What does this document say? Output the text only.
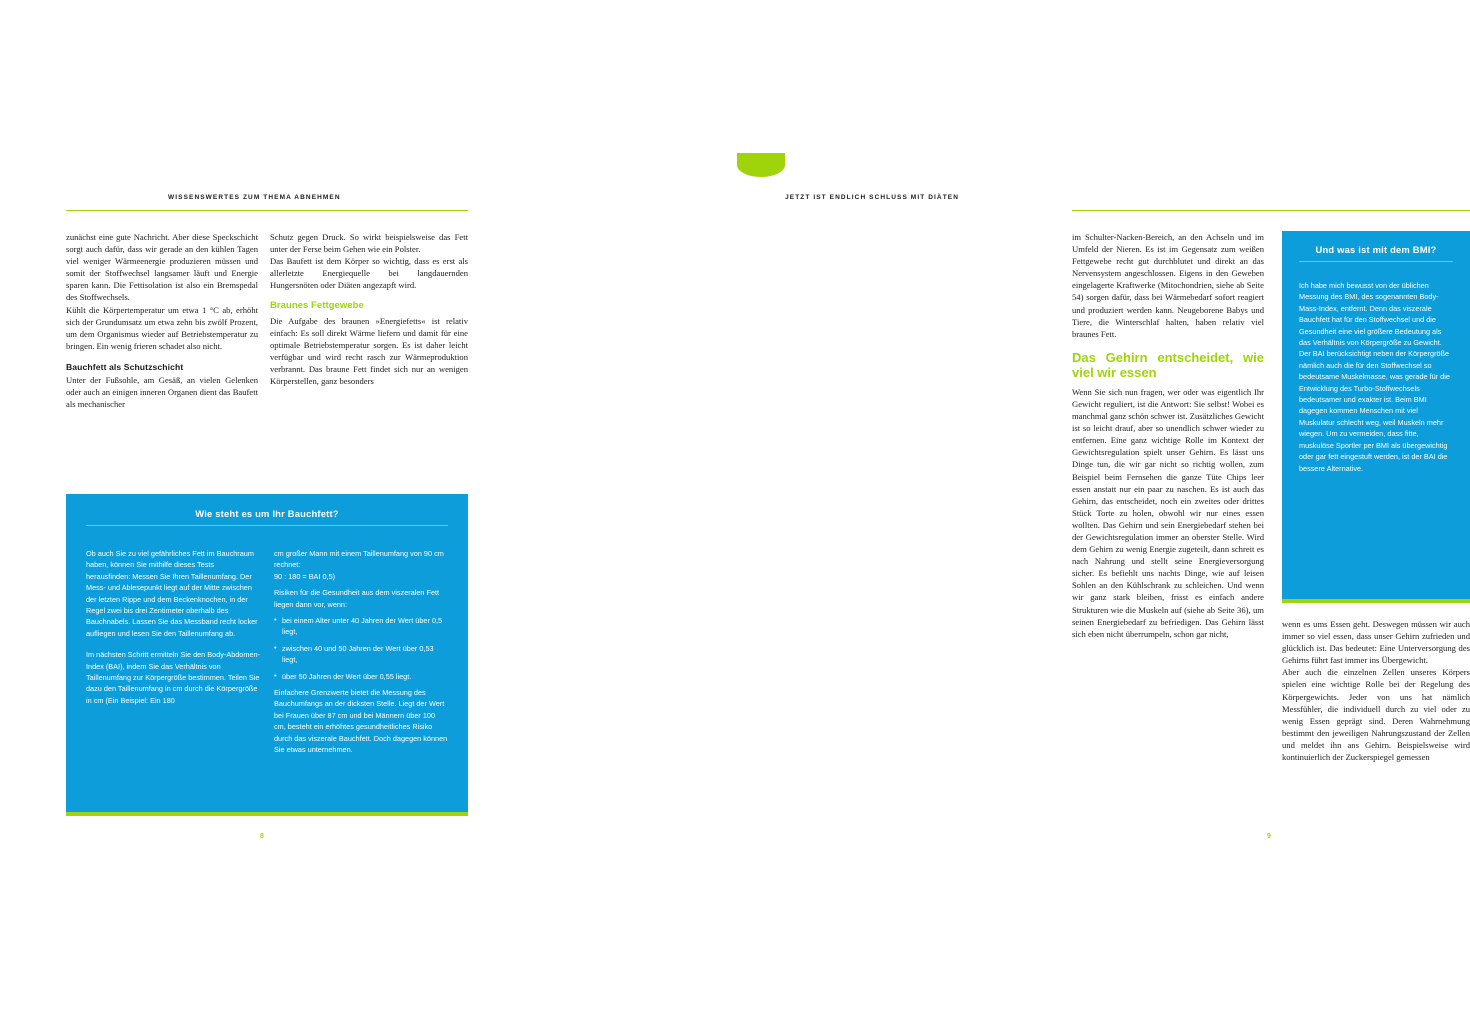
WISSENSWERTES ZUM THEMA ABNEHMEN

zunächst eine gute Nachricht. Aber diese Speckschicht sorgt auch dafür, dass wir gerade an den kühlen Tagen viel weniger Wärmeenergie produzieren müssen und somit der Stoffwechsel langsamer läuft und Energie sparen kann. Die Fettisolation ist also ein Bremspedal des Stoffwechsels.

Kühlt die Körpertemperatur um etwa 1 °C ab, erhöht sich der Grundumsatz um etwa zehn bis zwölf Prozent, um dem Organismus wieder auf Betriebstemperatur zu bringen. Ein wenig frieren schadet also nicht.

Bauchfett als Schutzschicht

Unter der Fußsohle, am Gesäß, an vielen Gelenken oder auch an einigen inneren Organen dient das Baufett als mechanischer

Schutz gegen Druck. So wirkt beispielsweise das Fett unter der Ferse beim Gehen wie ein Polster.

Das Baufett ist dem Körper so wichtig, dass es erst als allerletzte Energiequelle bei langdauernden Hungersnöten oder Diäten angezapft wird.

Braunes Fettgewebe

Die Aufgabe des braunen »Energiefetts« ist relativ einfach: Es soll direkt Wärme liefern und damit für eine optimale Betriebstemperatur sorgen. Es ist daher leicht verfügbar und wird recht rasch zur Wärmeproduktion verbrannt. Das braune Fett findet sich nur an wenigen Körperstellen, ganz besonders

Wie steht es um Ihr Bauchfett?

Ob auch Sie zu viel gefährliches Fett im Bauchraum haben, können Sie mithilfe dieses Tests herausfinden: Messen Sie Ihren Taillenumfang. Der Mess- und Ablesepunkt liegt auf der Mitte zwischen der letzten Rippe und dem Beckenknochen, in der Regel zwei bis drei Zentimeter oberhalb des Bauchnabels. Lassen Sie das Messband recht locker aufliegen und lesen Sie den Taillenumfang ab.

Im nächsten Schritt ermitteln Sie den Body-Abdomen-Index (BAI), indem Sie das Verhältnis von Taillenumfang zur Körpergröße bestimmen. Teilen Sie dazu den Taillenumfang in cm durch die Körpergröße in cm (Ein Beispiel: Ein 180

cm großer Mann mit einem Taillenumfang von 90 cm rechnet:

90 : 180 = BAI 0,5)

Risiken für die Gesundheit aus dem viszeralen Fett liegen dann vor, wenn:

• bei einem Alter unter 40 Jahren der Wert über 0,5 liegt,
• zwischen 40 und 50 Jahren der Wert über 0,53 liegt,
• über 50 Jahren der Wert über 0,55 liegt.

Einfachere Grenzwerte bietet die Messung des Bauchumfangs an der dicksten Stelle. Liegt der Wert bei Frauen über 87 cm und bei Männern über 100 cm, besteht ein erhöhtes gesundheitliches Risiko durch das viszerale Bauchfett. Doch dagegen können Sie etwas unternehmen.

8
JETZT IST ENDLICH SCHLUSS MIT DIÄTEN

im Schulter-Nacken-Bereich, an den Achseln und im Umfeld der Nieren. Es ist im Gegensatz zum weißen Fettgewebe recht gut durchblutet und direkt an das Nervensystem angeschlossen. Eigens in den Geweben eingelagerte Kraftwerke (Mitochondrien, siehe ab Seite 54) sorgen dafür, dass bei Wärmebedarf sofort reagiert und produziert werden kann. Neugeborene Babys und Tiere, die Winterschlaf halten, haben relativ viel braunes Fett.

Das Gehirn entscheidet, wie viel wir essen

Wenn Sie sich nun fragen, wer oder was eigentlich Ihr Gewicht reguliert, ist die Antwort: Sie selbst! Wobei es manchmal ganz schön schwer ist. Zusätzliches Gewicht ist so leicht drauf, aber so unendlich schwer wieder zu entfernen. Eine ganz wichtige Rolle im Kontext der Gewichtsregulation spielt unser Gehirn. Es lässt uns Dinge tun, die wir gar nicht so richtig wollen, zum Beispiel beim Fernsehen die ganze Tüte Chips leer essen anstatt nur ein paar zu naschen. Es ist auch das Gehirn, das entscheidet, noch ein zweites oder drittes Stück Torte zu holen, obwohl wir nur eines essen wollten. Das Gehirn und sein Energiebedarf stehen bei der Gewichtsregulation immer an oberster Stelle. Wird dem Gehirn zu wenig Energie zugeteilt, dann schreit es nach Nahrung und stellt seine Energieversorgung sicher. Es befiehlt uns nachts Dinge, wie auf leisen Sohlen an den Kühlschrank zu schleichen. Und wenn wir ganz stark bleiben, frisst es einfach andere Strukturen wie die Muskeln auf (siehe ab Seite 36), um seinen Energiebedarf zu befriedigen. Das Gehirn lässt sich eben nicht überrumpeln, schon gar nicht,

Und was ist mit dem BMI?

Ich habe mich bewusst von der üblichen Messung des BMI, des sogenannten Body-Mass-Index, entfernt. Denn das viszerale Bauchfett hat für den Stoffwechsel und die Gesundheit eine viel größere Bedeutung als das Verhältnis von Körpergröße zu Gewicht. Der BAI berücksichtigt neben der Körpergröße nämlich auch die für den Stoffwechsel so bedeutsame Muskelmasse, was gerade für die Entwicklung des Turbo-Stoffwechsels bedeutsamer und exakter ist. Beim BMI dagegen kommen Menschen mit viel Muskulatur schlecht weg, weil Muskeln mehr wiegen. Um zu vermeiden, dass fitte, muskulöse Sportler per BMI als übergewichtig oder gar fett eingestuft werden, ist der BAI die bessere Alternative.

wenn es ums Essen geht. Deswegen müssen wir auch immer so viel essen, dass unser Gehirn zufrieden und glücklich ist. Das bedeutet: Eine Unterversorgung des Gehirns führt fast immer ins Übergewicht.

Aber auch die einzelnen Zellen unseres Körpers spielen eine wichtige Rolle bei der Regelung des Körpergewichts. Jeder von uns hat nämlich Messfühler, die individuell durch zu viel oder zu wenig Essen geprägt sind. Deren Wahrnehmung bestimmt den jeweiligen Nahrungszustand der Zellen und meldet ihn ans Gehirn. Beispielsweise wird kontinuierlich der Zuckerspiegel gemessen

9
